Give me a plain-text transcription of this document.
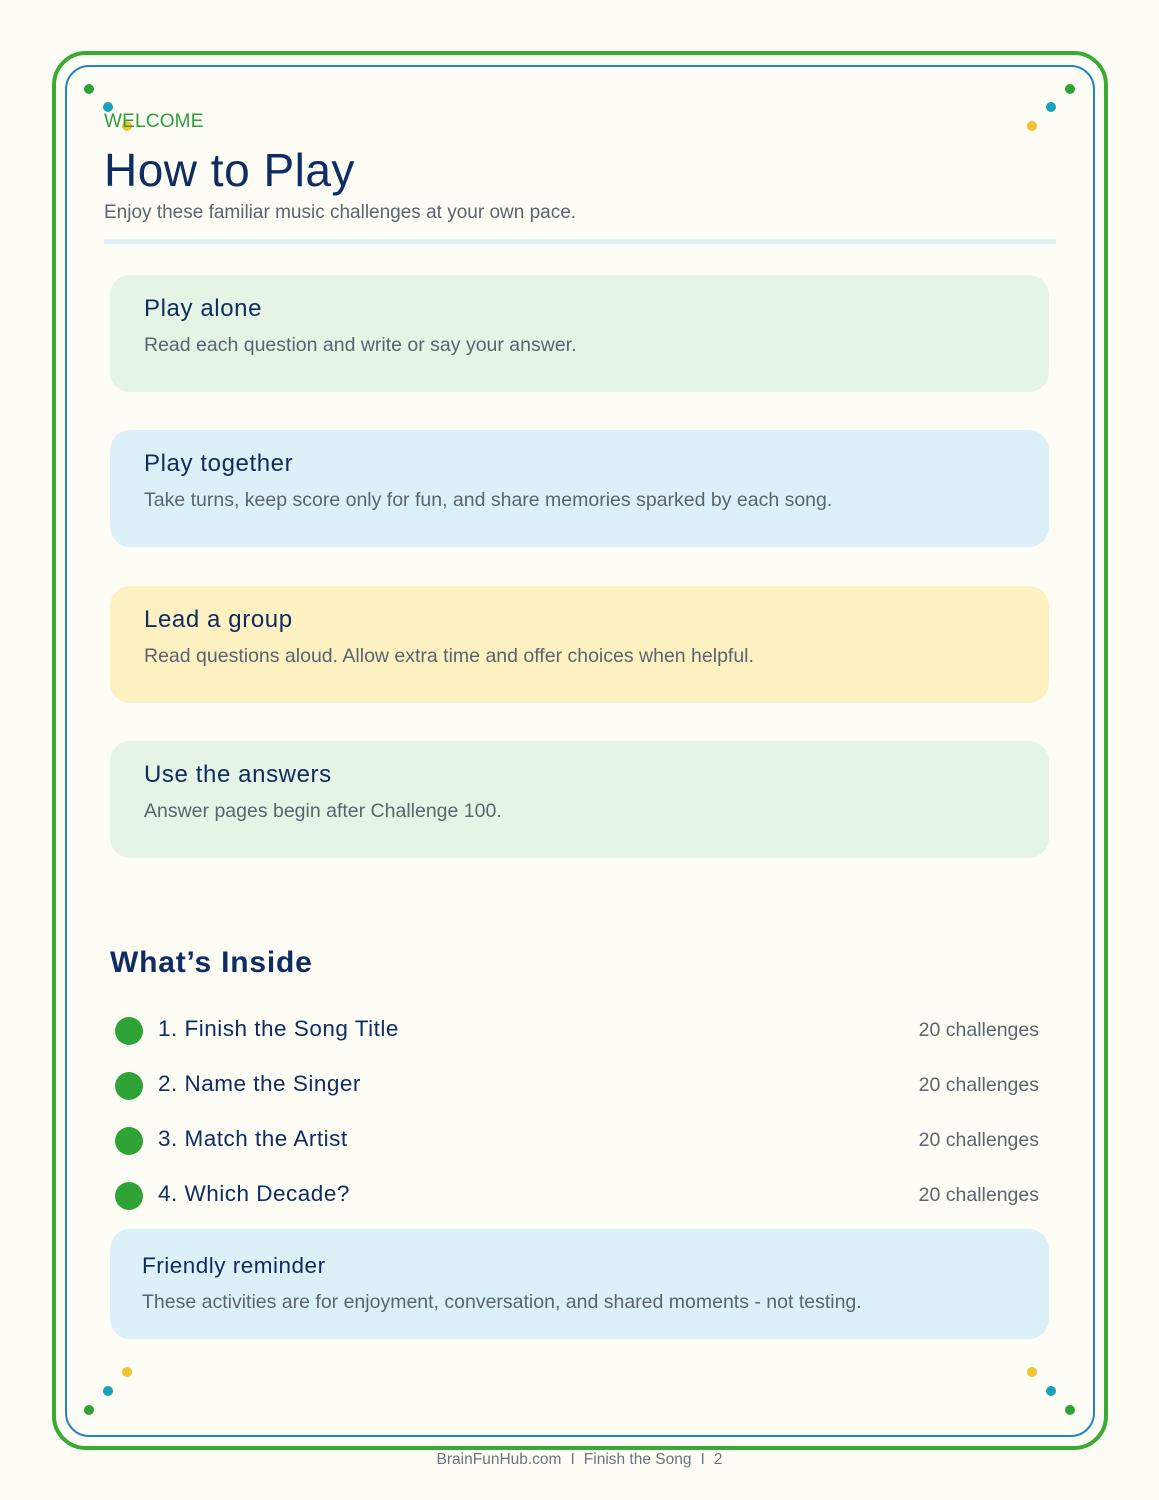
WELCOME
How to Play

Enjoy these familiar music challenges at your own pace.

Play alone
Read each question and write or say your answer.
Play together
Take turns, keep score only for fun, and share memories sparked by each song.
Lead a group
Read questions aloud. Allow extra time and offer choices when helpful.
Use the answers
Answer pages begin after Challenge 100.
What’s Inside
1. Finish the Song Title	20 challenges
2. Name the Singer	20 challenges
3. Match the Artist	20 challenges
4. Which Decade?	20 challenges
Friendly reminder
These activities are for enjoyment, conversation, and shared moments - not testing.
BrainFunHub.com I Finish the Song I 2
